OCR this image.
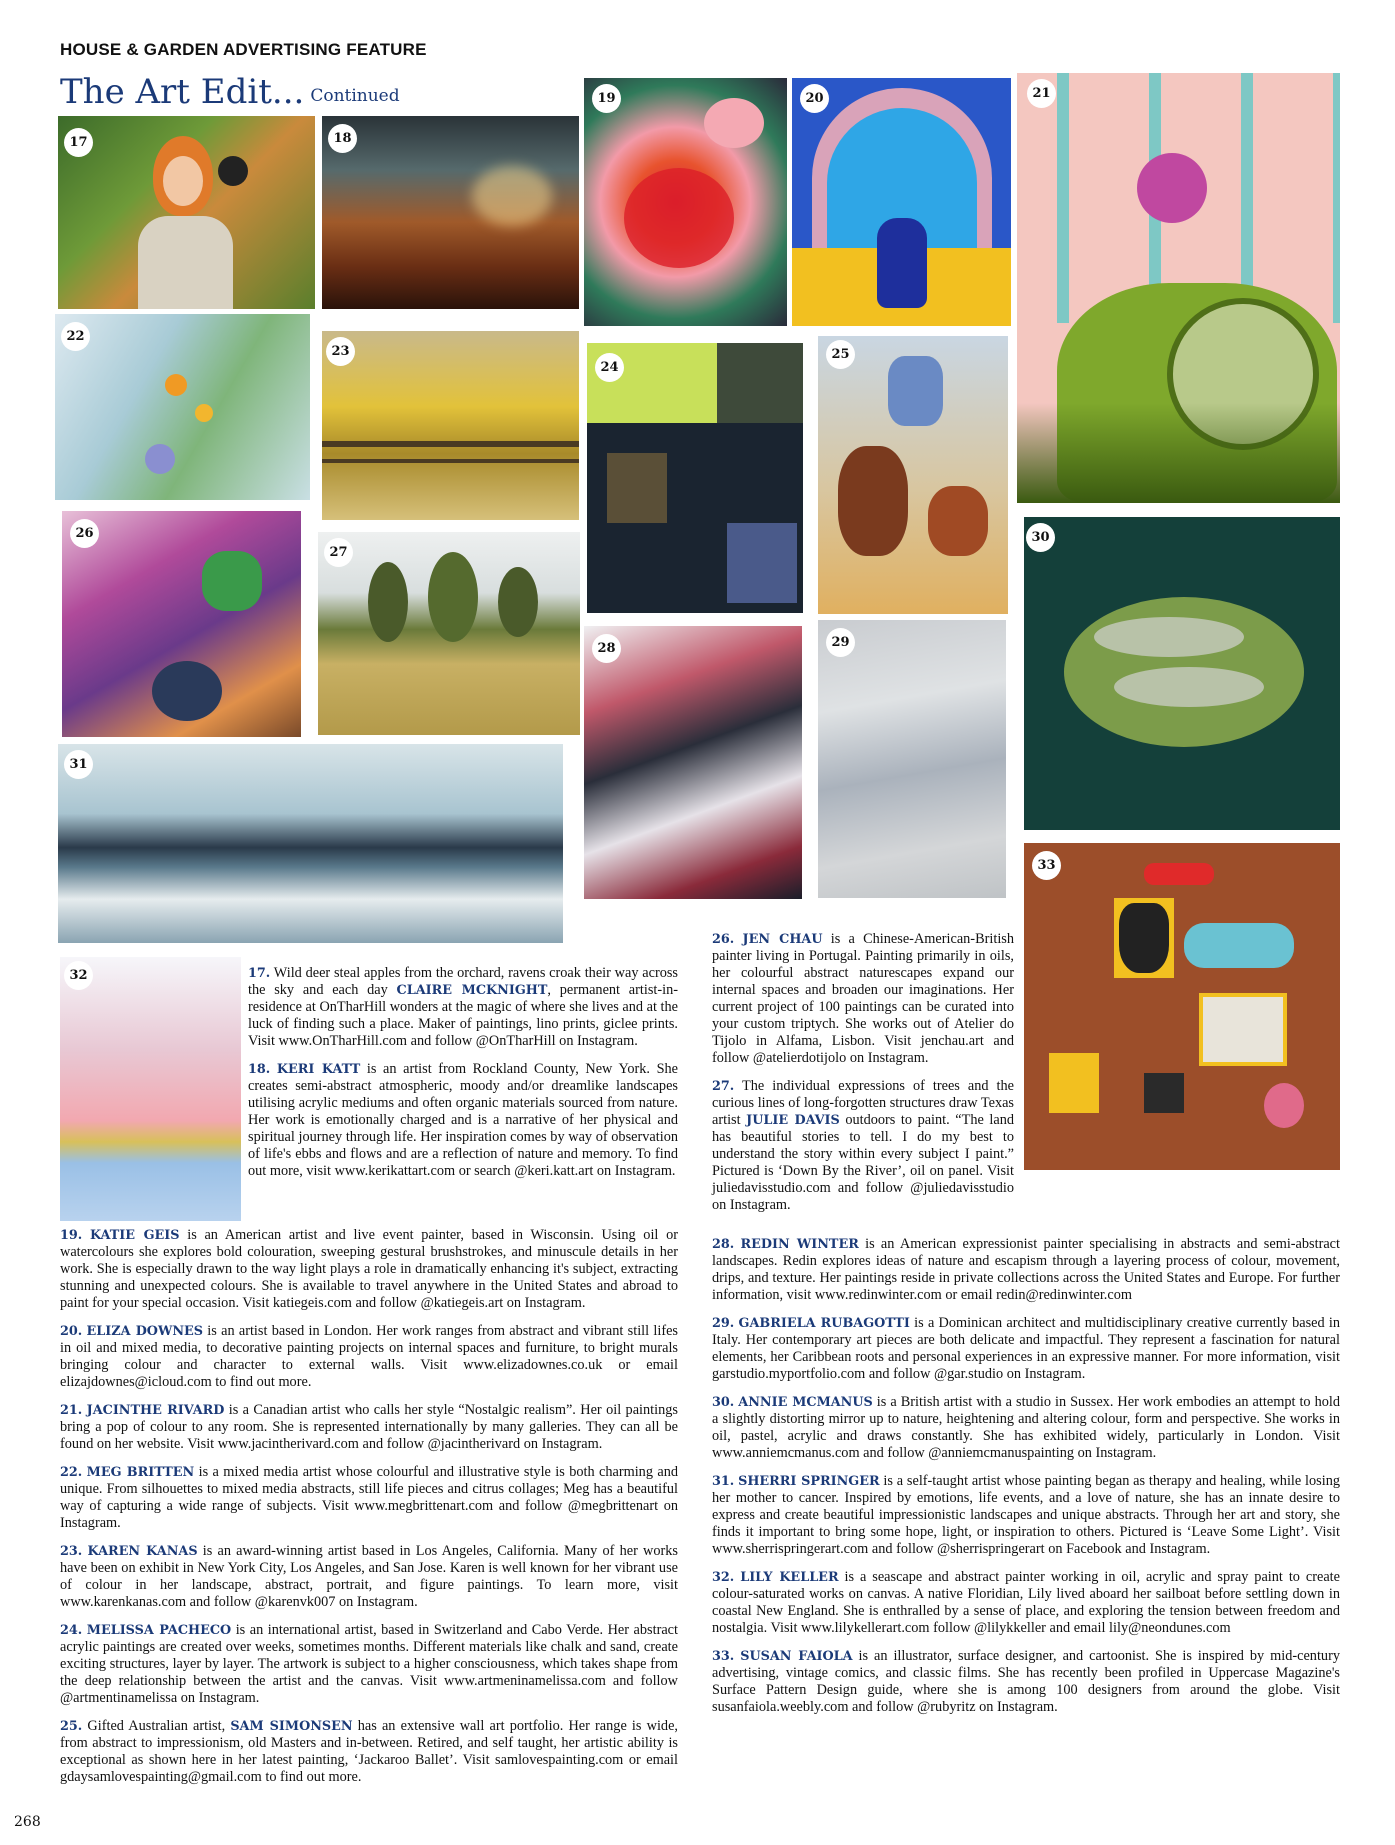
HOUSE & GARDEN ADVERTISING FEATURE
The Art Edit... Continued
17	18
19	20	21
22
23
24
25
26
27
28	29
30
31
32
33

17. Wild deer steal apples from the orchard, ravens croak their way across the sky and each day CLAIRE MCKNIGHT, permanent artist-in-residence at OnTharHill wonders at the magic of where she lives and at the luck of finding such a place. Maker of paintings, lino prints, giclee prints. Visit www.OnTharHill.com and follow @OnTharHill on Instagram.

18. KERI KATT is an artist from Rockland County, New York. She creates semi-abstract atmospheric, moody and/or dreamlike landscapes utilising acrylic mediums and often organic materials sourced from nature. Her work is emotionally charged and is a narrative of her physical and spiritual journey through life. Her inspiration comes by way of observation of life's ebbs and flows and are a reflection of nature and memory. To find out more, visit www.kerikattart.com or search @keri.katt.art on Instagram.

19. KATIE GEIS is an American artist and live event painter, based in Wisconsin. Using oil or watercolours she explores bold colouration, sweeping gestural brushstrokes, and minuscule details in her work. She is especially drawn to the way light plays a role in dramatically enhancing it's subject, extracting stunning and unexpected colours. She is available to travel anywhere in the United States and abroad to paint for your special occasion. Visit katiegeis.com and follow @katiegeis.art on Instagram.

20. ELIZA DOWNES is an artist based in London. Her work ranges from abstract and vibrant still lifes in oil and mixed media, to decorative painting projects on internal spaces and furniture, to bright murals bringing colour and character to external walls. Visit www.elizadownes.co.uk or email elizajdownes@icloud.com to find out more.

21. JACINTHE RIVARD is a Canadian artist who calls her style “Nostalgic realism”. Her oil paintings bring a pop of colour to any room. She is represented internationally by many galleries. They can all be found on her website. Visit www.jacintherivard.com and follow @jacintherivard on Instagram.

22. MEG BRITTEN is a mixed media artist whose colourful and illustrative style is both charming and unique. From silhouettes to mixed media abstracts, still life pieces and citrus collages; Meg has a beautiful way of capturing a wide range of subjects. Visit www.megbrittenart.com and follow @megbrittenart on Instagram.

23. KAREN KANAS is an award-winning artist based in Los Angeles, California. Many of her works have been on exhibit in New York City, Los Angeles, and San Jose. Karen is well known for her vibrant use of colour in her landscape, abstract, portrait, and figure paintings. To learn more, visit www.karenkanas.com and follow @karenvk007 on Instagram.

24. MELISSA PACHECO is an international artist, based in Switzerland and Cabo Verde. Her abstract acrylic paintings are created over weeks, sometimes months. Different materials like chalk and sand, create exciting structures, layer by layer. The artwork is subject to a higher consciousness, which takes shape from the deep relationship between the artist and the canvas. Visit www.artmeninamelissa.com and follow @artmentinamelissa on Instagram.

25. Gifted Australian artist, SAM SIMONSEN has an extensive wall art portfolio. Her range is wide, from abstract to impressionism, old Masters and in-between. Retired, and self taught, her artistic ability is exceptional as shown here in her latest painting, ‘Jackaroo Ballet’. Visit samlovespainting.com or email gdaysamlovespainting@gmail.com to find out more.

26. JEN CHAU is a Chinese-American-British painter living in Portugal. Painting primarily in oils, her colourful abstract naturescapes expand our internal spaces and broaden our imaginations. Her current project of 100 paintings can be curated into your custom triptych. She works out of Atelier do Tijolo in Alfama, Lisbon. Visit jenchau.art and follow @atelierdotijolo on Instagram.

27. The individual expressions of trees and the curious lines of long-forgotten structures draw Texas artist JULIE DAVIS outdoors to paint. “The land has beautiful stories to tell. I do my best to understand the story within every subject I paint.” Pictured is ‘Down By the River’, oil on panel. Visit juliedavisstudio.com and follow @juliedavisstudio on Instagram.

28. REDIN WINTER is an American expressionist painter specialising in abstracts and semi-abstract landscapes. Redin explores ideas of nature and escapism through a layering process of colour, movement, drips, and texture. Her paintings reside in private collections across the United States and Europe. For further information, visit www.redinwinter.com or email redin@redinwinter.com

29. GABRIELA RUBAGOTTI is a Dominican architect and multidisciplinary creative currently based in Italy. Her contemporary art pieces are both delicate and impactful. They represent a fascination for natural elements, her Caribbean roots and personal experiences in an expressive manner. For more information, visit garstudio.myportfolio.com and follow @gar.studio on Instagram.

30. ANNIE MCMANUS is a British artist with a studio in Sussex. Her work embodies an attempt to hold a slightly distorting mirror up to nature, heightening and altering colour, form and perspective. She works in oil, pastel, acrylic and draws constantly. She has exhibited widely, particularly in London. Visit www.anniemcmanus.com and follow @anniemcmanuspainting on Instagram.

31. SHERRI SPRINGER is a self-taught artist whose painting began as therapy and healing, while losing her mother to cancer. Inspired by emotions, life events, and a love of nature, she has an innate desire to express and create beautiful impressionistic landscapes and unique abstracts. Through her art and story, she finds it important to bring some hope, light, or inspiration to others. Pictured is ‘Leave Some Light’. Visit www.sherrispringerart.com and follow @sherrispringerart on Facebook and Instagram.

32. LILY KELLER is a seascape and abstract painter working in oil, acrylic and spray paint to create colour-saturated works on canvas. A native Floridian, Lily lived aboard her sailboat before settling down in coastal New England. She is enthralled by a sense of place, and exploring the tension between freedom and nostalgia. Visit www.lilykellerart.com follow @lilykkeller and email lily@neondunes.com

33. SUSAN FAIOLA is an illustrator, surface designer, and cartoonist. She is inspired by mid-century advertising, vintage comics, and classic films. She has recently been profiled in Uppercase Magazine's Surface Pattern Design guide, where she is among 100 designers from around the globe. Visit susanfaiola.weebly.com and follow @rubyritz on Instagram.

268
